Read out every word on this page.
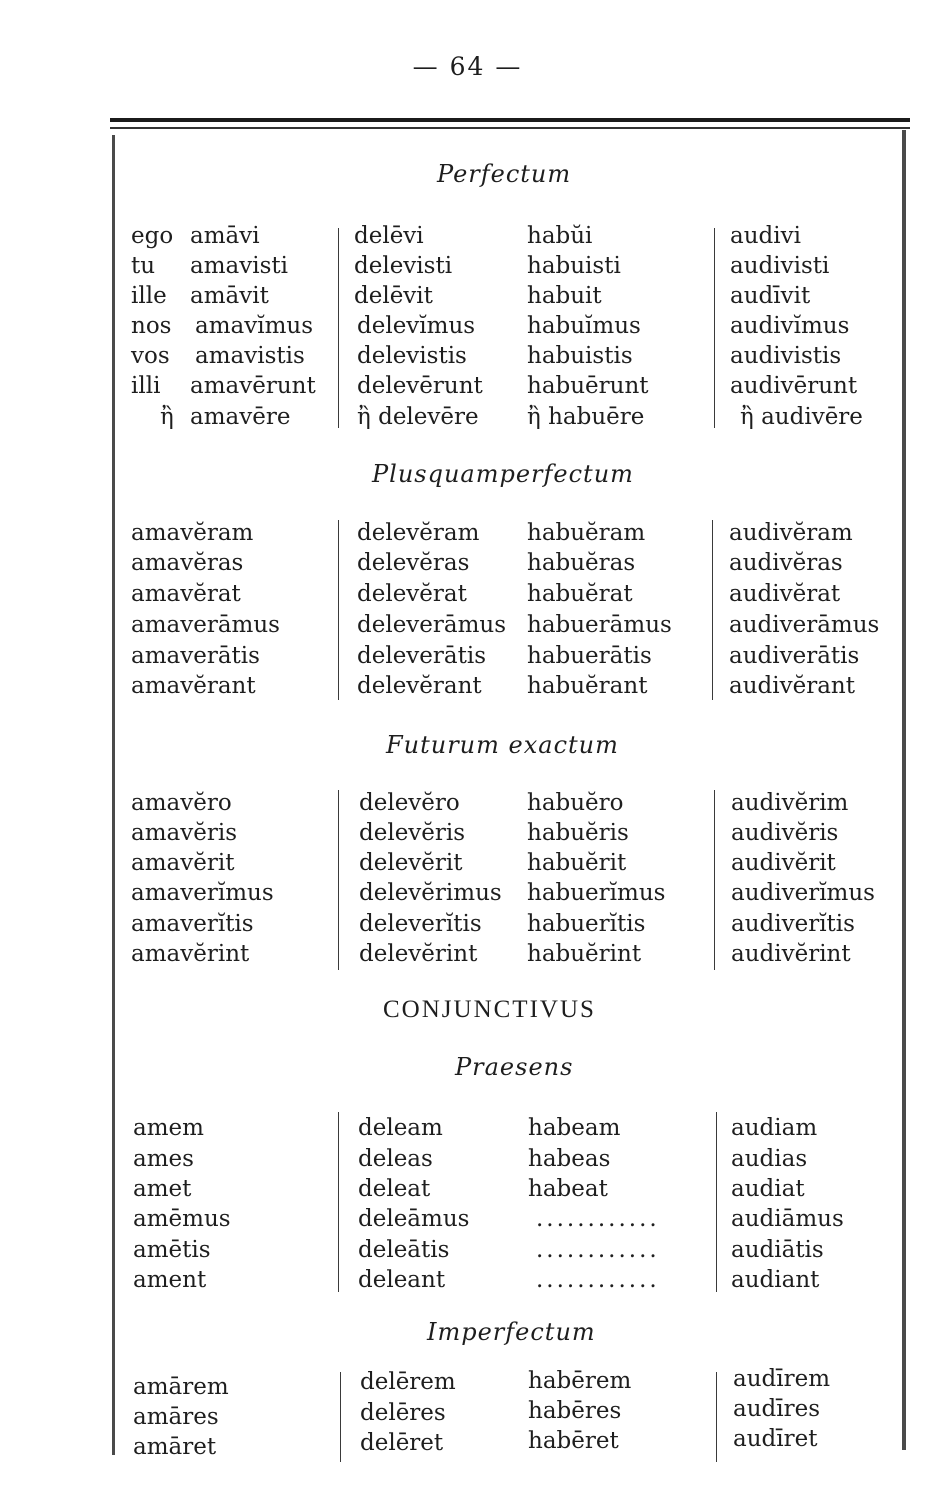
— 64 —
Perfectum
ego
tu
ille
nos
vos
illi
ἢ
amāvi
amavisti
amāvit
amavĭmus
amavistis
amavērunt
amavēre
delēvi
delevisti
delēvit
delevĭmus
delevistis
delevērunt
ἢ delevēre
habŭi
habuisti
habuit
habuĭmus
habuistis
habuērunt
ἢ habuēre
audivi
audivisti
audīvit
audivĭmus
audivistis
audivērunt
ἢ audivēre
Plusquamperfectum
amavĕram
amavĕras
amavĕrat
amaverāmus
amaverātis
amavĕrant
delevĕram
delevĕras
delevĕrat
deleverāmus
deleverātis
delevĕrant
habuĕram
habuĕras
habuĕrat
habuerāmus
habuerātis
habuĕrant
audivĕram
audivĕras
audivĕrat
audiverāmus
audiverātis
audivĕrant
Futurum exactum
amavĕro
amavĕris
amavĕrit
amaverĭmus
amaverĭtis
amavĕrint
delevĕro
delevĕris
delevĕrit
delevĕrimus
deleverĭtis
delevĕrint
habuĕro
habuĕris
habuĕrit
habuerĭmus
habuerĭtis
habuĕrint
audivĕrim
audivĕris
audivĕrit
audiverĭmus
audiverĭtis
audivĕrint
CONJUNCTIVUS
Praesens
amem
ames
amet
amēmus
amētis
ament
deleam
deleas
deleat
deleāmus
deleātis
deleant
habeam
habeas
habeat
............
............
............
audiam
audias
audiat
audiāmus
audiātis
audiant
Imperfectum
amārem
amāres
amāret
delērem
delēres
delēret
habērem
habēres
habēret
audīrem
audīres
audīret
